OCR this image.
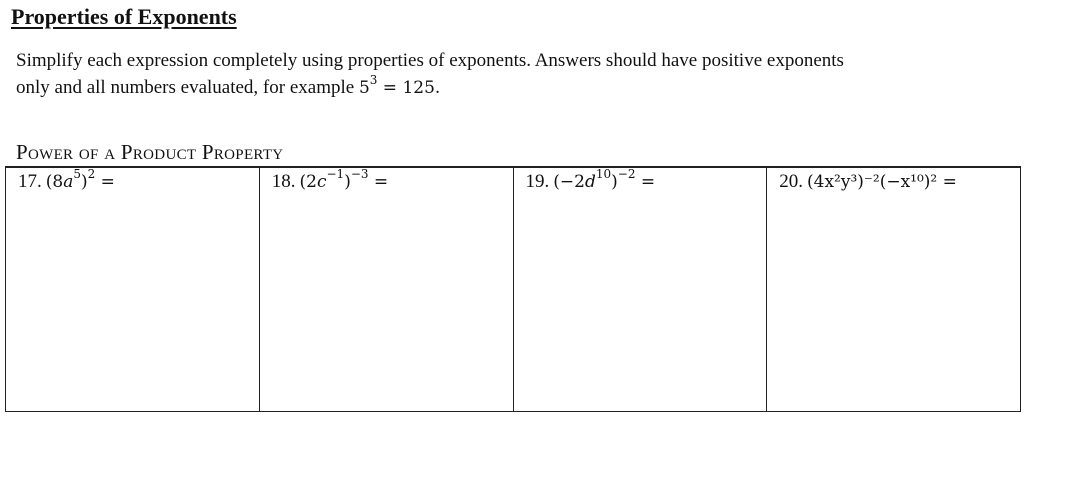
Properties of Exponents
Simplify each expression completely using properties of exponents. Answers should have positive exponents
only and all numbers evaluated, for example $5^3 = 125$.
Power of a Product Property
17. $(8a^5)^2$ =	18. $(2c^{-1})^{-3}$ =	19. $(-2d^{10})^{-2}$ =	20. (4x²y³)⁻²(−x¹⁰)² =
